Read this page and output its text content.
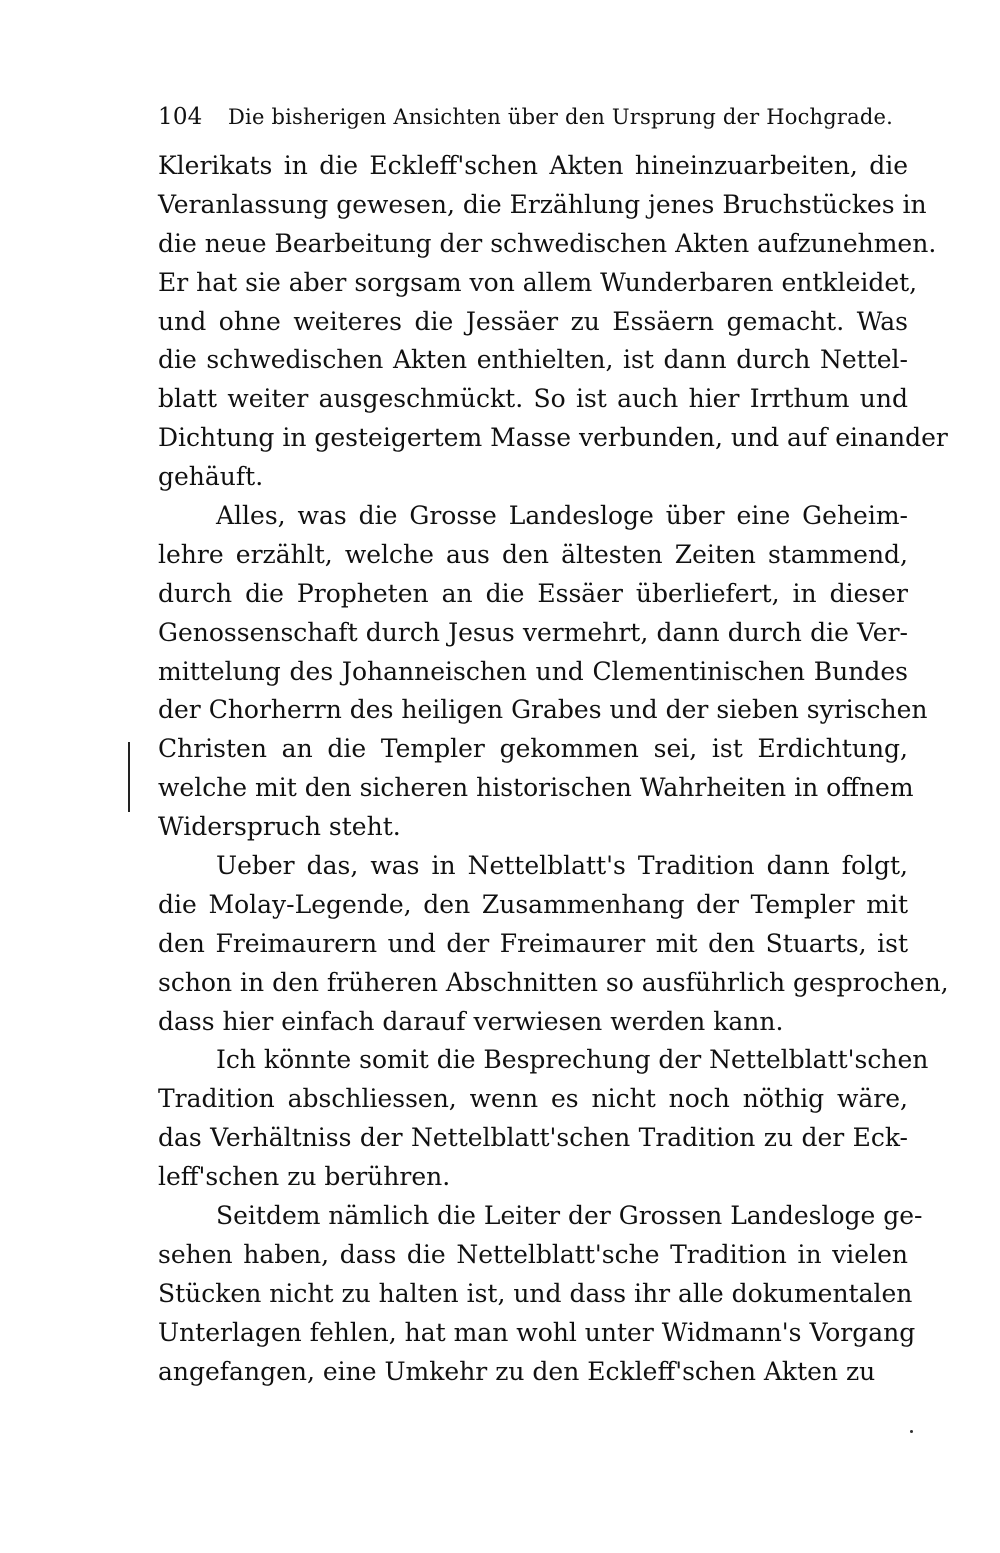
104 Die bisherigen Ansichten über den Ursprung der Hochgrade.
Klerikats in die Eckleff'schen Akten hineinzuarbeiten, die
Veranlassung gewesen, die Erzählung jenes Bruchstückes in
die neue Bearbeitung der schwedischen Akten aufzunehmen.
Er hat sie aber sorgsam von allem Wunderbaren entkleidet,
und ohne weiteres die Jessäer zu Essäern gemacht. Was
die schwedischen Akten enthielten, ist dann durch Nettel-
blatt weiter ausgeschmückt. So ist auch hier Irrthum und
Dichtung in gesteigertem Masse verbunden, und auf einander
gehäuft.
Alles, was die Grosse Landesloge über eine Geheim-
lehre erzählt, welche aus den ältesten Zeiten stammend,
durch die Propheten an die Essäer überliefert, in dieser
Genossenschaft durch Jesus vermehrt, dann durch die Ver-
mittelung des Johanneischen und Clementinischen Bundes
der Chorherrn des heiligen Grabes und der sieben syrischen
Christen an die Templer gekommen sei, ist Erdichtung,
welche mit den sicheren historischen Wahrheiten in offnem
Widerspruch steht.
Ueber das, was in Nettelblatt's Tradition dann folgt,
die Molay-Legende, den Zusammenhang der Templer mit
den Freimaurern und der Freimaurer mit den Stuarts, ist
schon in den früheren Abschnitten so ausführlich gesprochen,
dass hier einfach darauf verwiesen werden kann.
Ich könnte somit die Besprechung der Nettelblatt'schen
Tradition abschliessen, wenn es nicht noch nöthig wäre,
das Verhältniss der Nettelblatt'schen Tradition zu der Eck-
leff'schen zu berühren.
Seitdem nämlich die Leiter der Grossen Landesloge ge-
sehen haben, dass die Nettelblatt'sche Tradition in vielen
Stücken nicht zu halten ist, und dass ihr alle dokumentalen
Unterlagen fehlen, hat man wohl unter Widmann's Vorgang
angefangen, eine Umkehr zu den Eckleff'schen Akten zu
